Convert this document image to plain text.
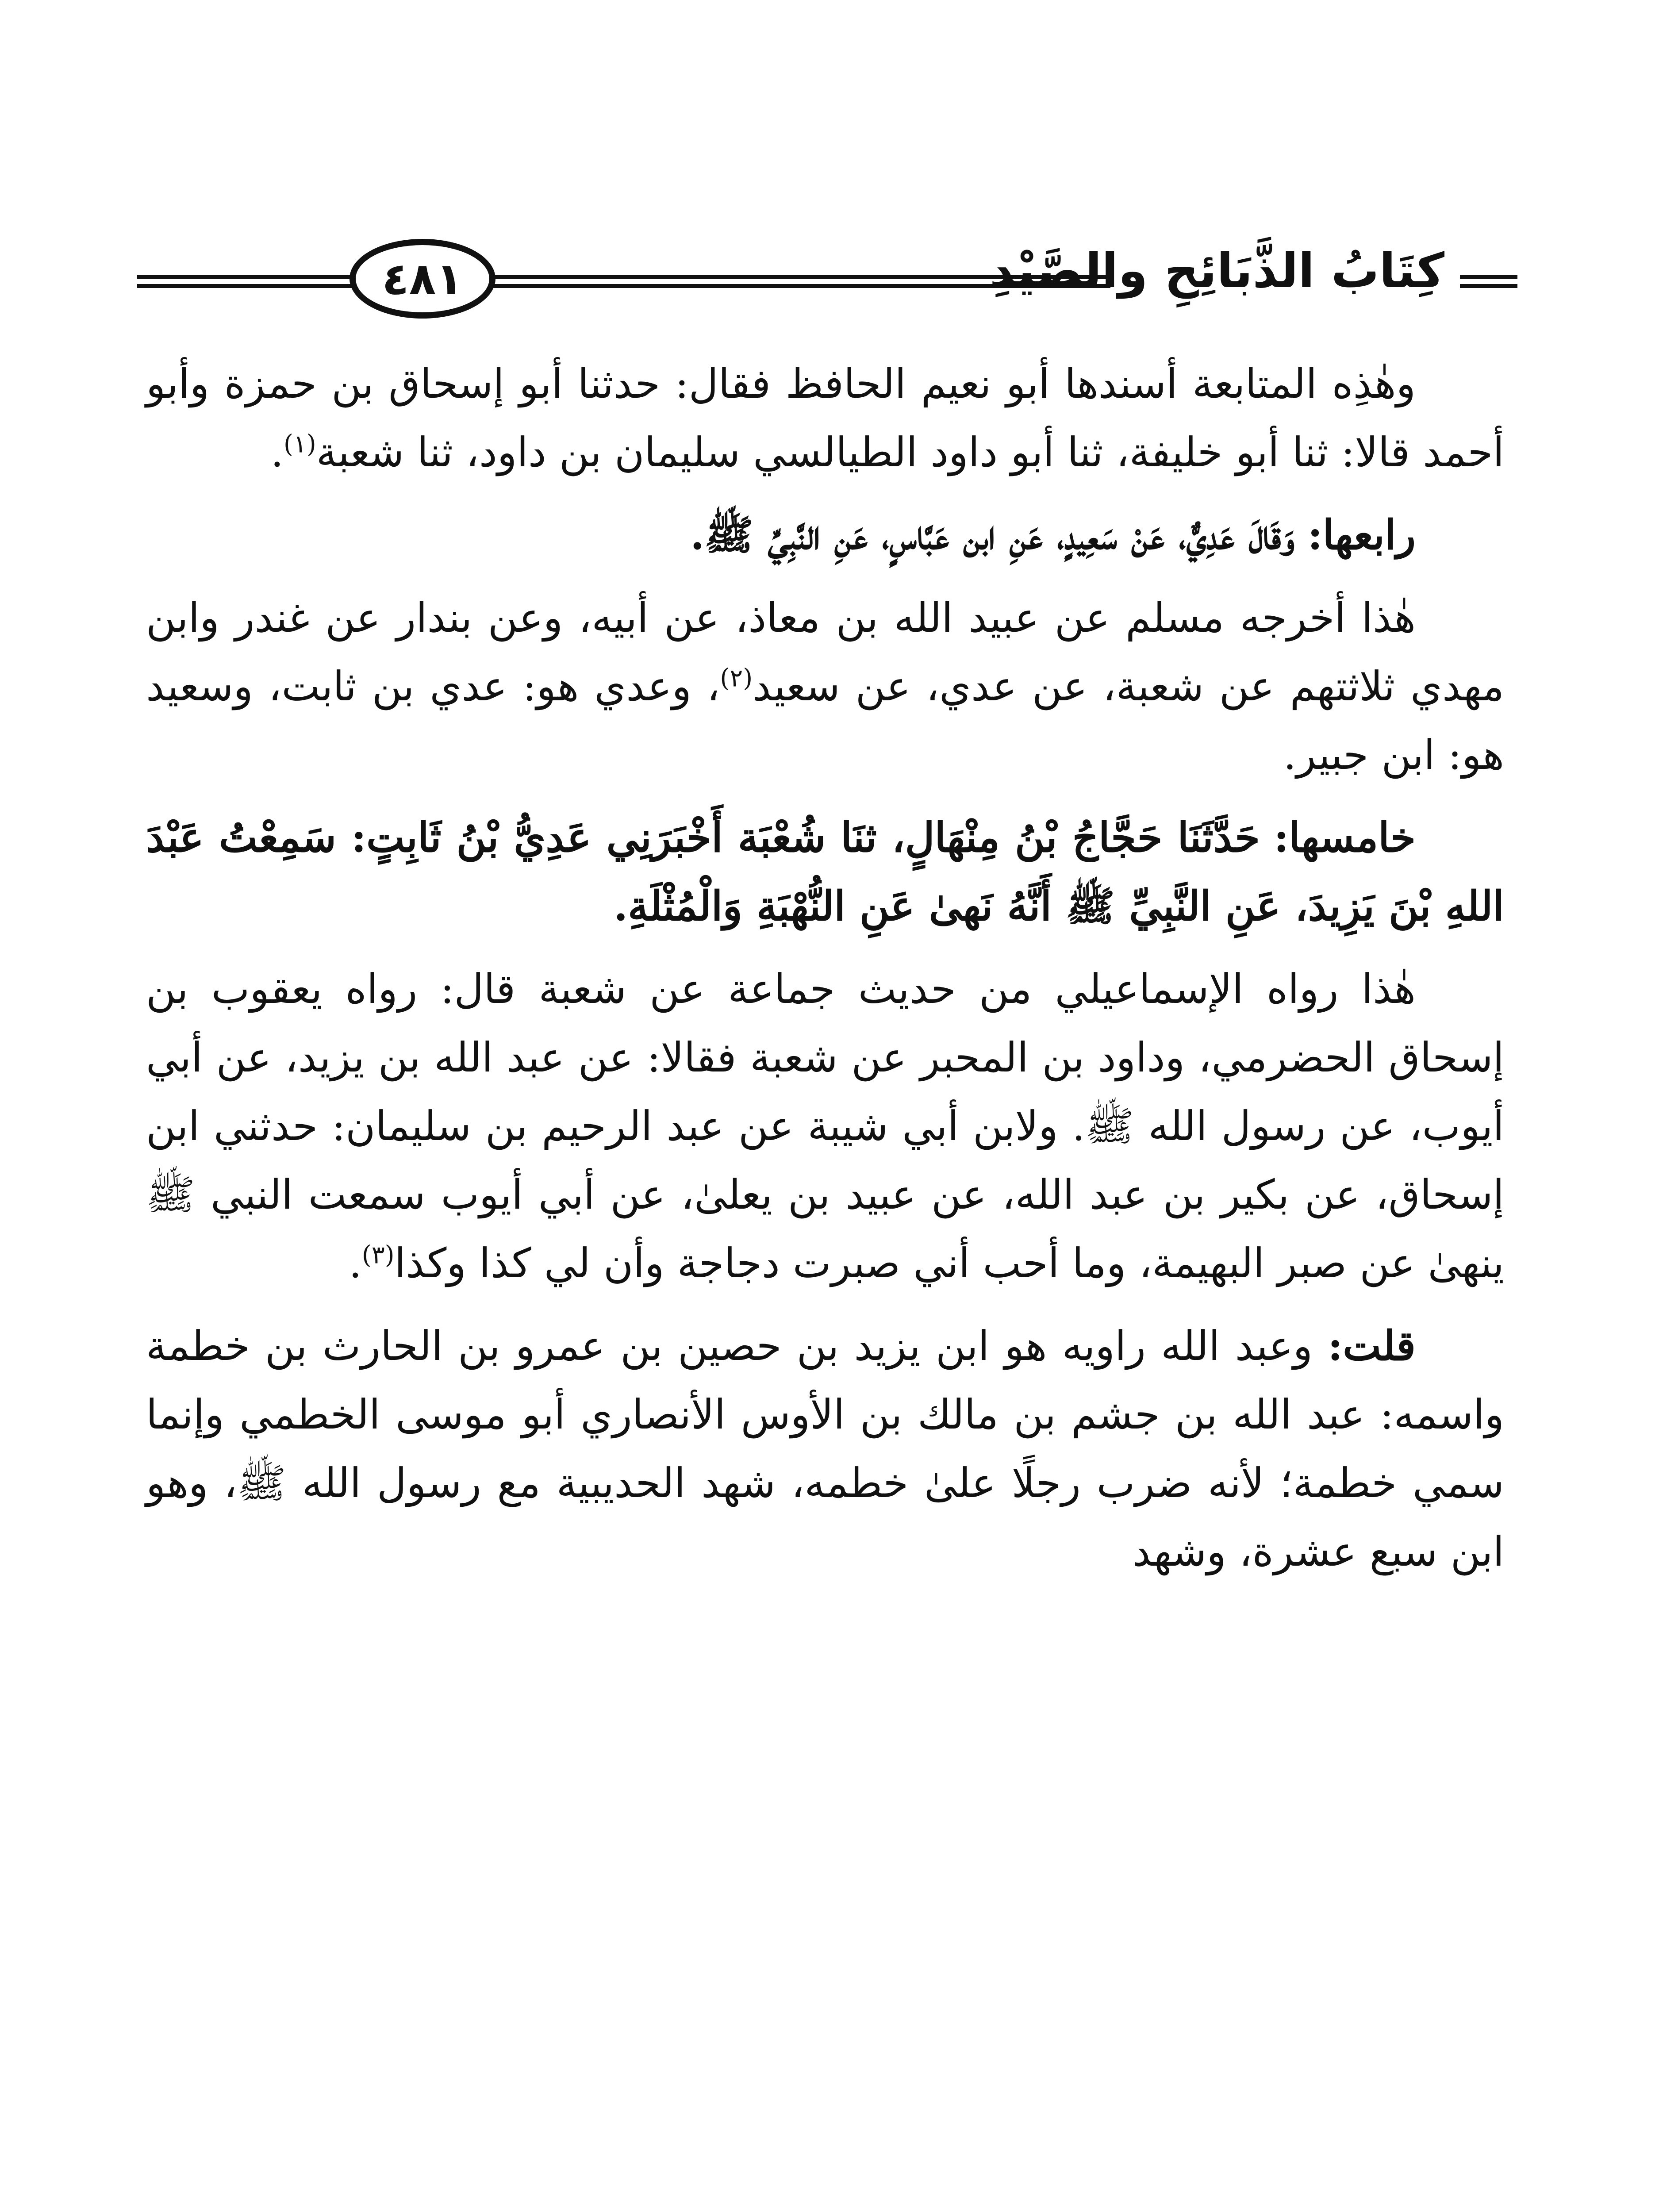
٤٨١	كِتَابُ الذَّبَائِحِ والصَّيْدِ

وهٰذِه المتابعة أسندها أبو نعيم الحافظ فقال: حدثنا أبو إسحاق بن حمزة وأبو أحمد قالا: ثنا أبو خليفة، ثنا أبو داود الطيالسي سليمان بن داود، ثنا شعبة$^{(١)}$.

رابعها: وَقَالَ عَدِيٌّ، عَنْ سَعِيدٍ، عَنِ ابن عَبَّاسٍ، عَنِ النَّبِيِّ ﷺ.

هٰذا أخرجه مسلم عن عبيد الله بن معاذ، عن أبيه، وعن بندار عن غندر وابن مهدي ثلاثتهم عن شعبة، عن عدي، عن سعيد$^{(٢)}$، وعدي هو: عدي بن ثابت، وسعيد هو: ابن جبير.

خامسها: حَدَّثَنَا حَجَّاجُ بْنُ مِنْهَالٍ، ثنَا شُعْبَة أَخْبَرَنِي عَدِيُّ بْنُ ثَابِتٍ: سَمِعْتُ عَبْدَ اللهِ بْنَ يَزِيدَ، عَنِ النَّبِيِّ ﷺ أَنَّهُ نَهىٰ عَنِ النُّهْبَةِ وَالْمُثْلَةِ.

هٰذا رواه الإسماعيلي من حديث جماعة عن شعبة قال: رواه يعقوب بن إسحاق الحضرمي، وداود بن المحبر عن شعبة فقالا: عن عبد الله بن يزيد، عن أبي أيوب، عن رسول الله ﷺ. ولابن أبي شيبة عن عبد الرحيم بن سليمان: حدثني ابن إسحاق، عن بكير بن عبد الله، عن عبيد بن يعلىٰ، عن أبي أيوب سمعت النبي ﷺ ينهىٰ عن صبر البهيمة، وما أحب أني صبرت دجاجة وأن لي كذا وكذا$^{(٣)}$.

قلت: وعبد الله راويه هو ابن يزيد بن حصين بن عمرو بن الحارث بن خطمة واسمه: عبد الله بن جشم بن مالك بن الأوس الأنصاري أبو موسى الخطمي وإنما سمي خطمة؛ لأنه ضرب رجلًا علىٰ خطمه، شهد الحديبية مع رسول الله ﷺ، وهو ابن سبع عشرة، وشهد
